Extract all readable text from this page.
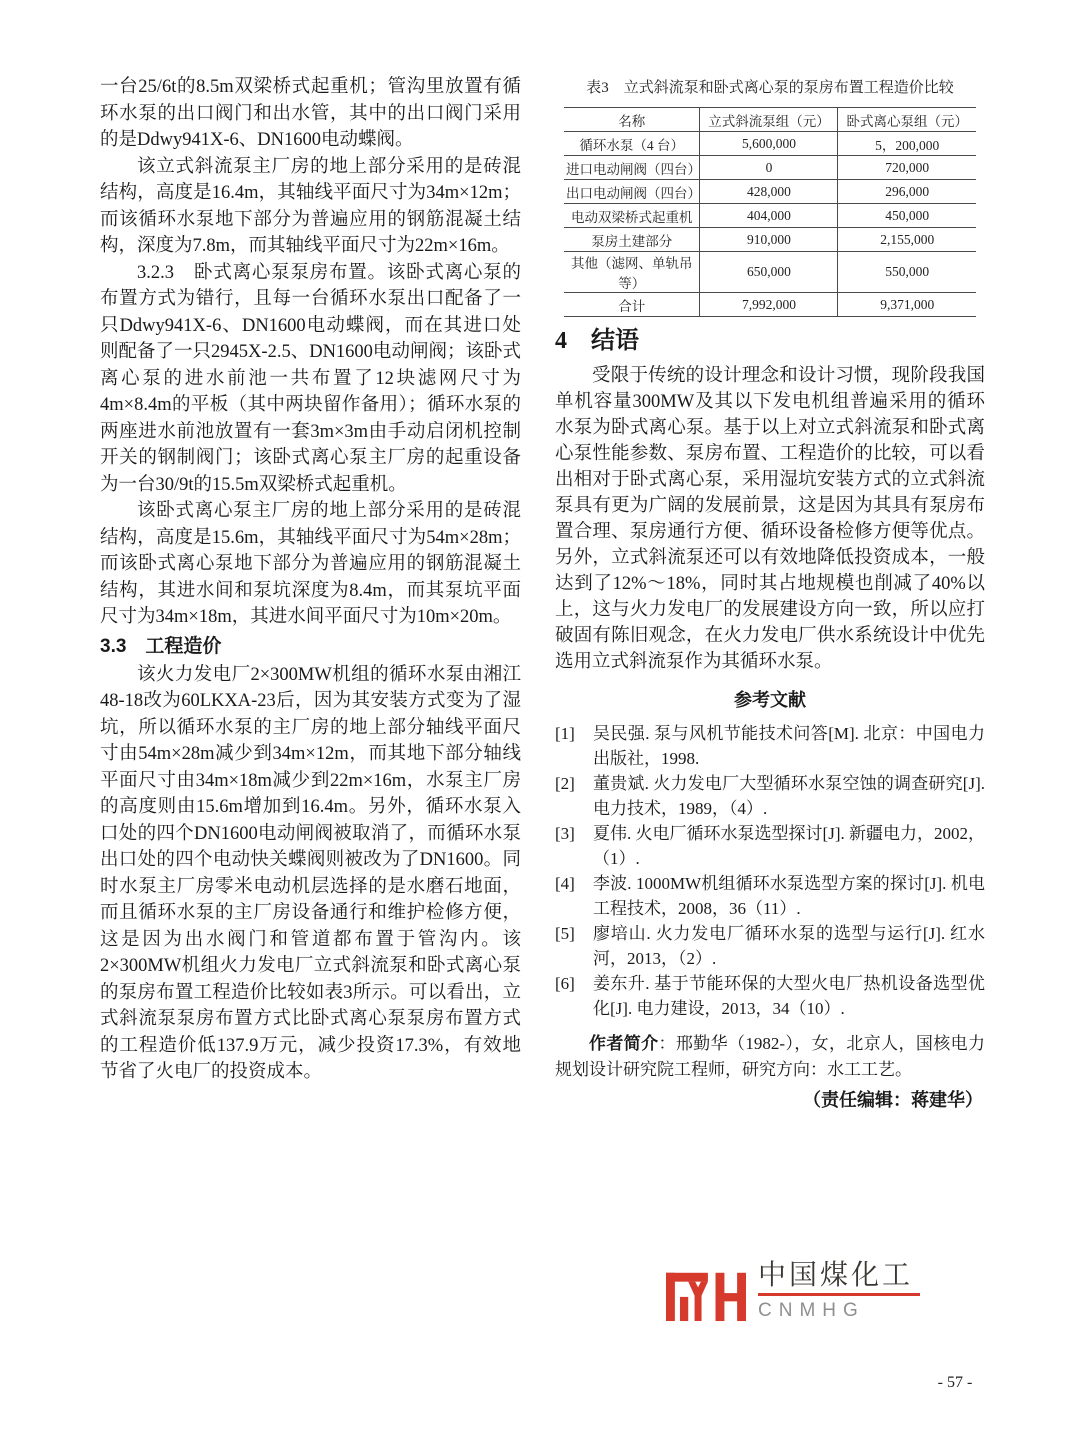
一台25/6t的8.5m双梁桥式起重机；管沟里放置有循环水泵的出口阀门和出水管，其中的出口阀门采用的是Ddwy941X-6、DN1600电动蝶阀。

该立式斜流泵主厂房的地上部分采用的是砖混结构，高度是16.4m，其轴线平面尺寸为34m×12m；而该循环水泵地下部分为普遍应用的钢筋混凝土结构，深度为7.8m，而其轴线平面尺寸为22m×16m。

3.2.3　卧式离心泵泵房布置。该卧式离心泵的布置方式为错行，且每一台循环水泵出口配备了一只Ddwy941X-6、DN1600电动蝶阀，而在其进口处则配备了一只2945X-2.5、DN1600电动闸阀；该卧式离心泵的进水前池一共布置了12块滤网尺寸为4m×8.4m的平板（其中两块留作备用）；循环水泵的两座进水前池放置有一套3m×3m由手动启闭机控制开关的钢制阀门；该卧式离心泵主厂房的起重设备为一台30/9t的15.5m双梁桥式起重机。

该卧式离心泵主厂房的地上部分采用的是砖混结构，高度是15.6m，其轴线平面尺寸为54m×28m；而该卧式离心泵地下部分为普遍应用的钢筋混凝土结构，其进水间和泵坑深度为8.4m，而其泵坑平面尺寸为34m×18m，其进水间平面尺寸为10m×20m。

3.3　工程造价

该火力发电厂2×300MW机组的循环水泵由湘江48-18改为60LKXA-23后，因为其安装方式变为了湿坑，所以循环水泵的主厂房的地上部分轴线平面尺寸由54m×28m减少到34m×12m，而其地下部分轴线平面尺寸由34m×18m减少到22m×16m，水泵主厂房的高度则由15.6m增加到16.4m。另外，循环水泵入口处的四个DN1600电动闸阀被取消了，而循环水泵出口处的四个电动快关蝶阀则被改为了DN1600。同时水泵主厂房零米电动机层选择的是水磨石地面，而且循环水泵的主厂房设备通行和维护检修方便，这是因为出水阀门和管道都布置于管沟内。该2×300MW机组火力发电厂立式斜流泵和卧式离心泵的泵房布置工程造价比较如表3所示。可以看出，立式斜流泵泵房布置方式比卧式离心泵泵房布置方式的工程造价低137.9万元，减少投资17.3%，有效地节省了火电厂的投资成本。

表3　立式斜流泵和卧式离心泵的泵房布置工程造价比较
名称	立式斜流泵组（元）	卧式离心泵组（元）
循环水泵（4 台）	5,600,000	5，200,000
进口电动闸阀（四台）	0	720,000
出口电动闸阀（四台）	428,000	296,000
电动双梁桥式起重机	404,000	450,000
泵房土建部分	910,000	2,155,000
其他（滤网、单轨吊等）	650,000	550,000
合计	7,992,000	9,371,000
4　结语

受限于传统的设计理念和设计习惯，现阶段我国单机容量300MW及其以下发电机组普遍采用的循环水泵为卧式离心泵。基于以上对立式斜流泵和卧式离心泵性能参数、泵房布置、工程造价的比较，可以看出相对于卧式离心泵，采用湿坑安装方式的立式斜流泵具有更为广阔的发展前景，这是因为其具有泵房布置合理、泵房通行方便、循环设备检修方便等优点。另外，立式斜流泵还可以有效地降低投资成本，一般达到了12%～18%，同时其占地规模也削减了40%以上，这与火力发电厂的发展建设方向一致，所以应打破固有陈旧观念，在火力发电厂供水系统设计中优先选用立式斜流泵作为其循环水泵。

参考文献
[1]	吴民强. 泵与风机节能技术问答[M]. 北京：中国电力出版社，1998.
[2]	董贵斌. 火力发电厂大型循环水泵空蚀的调查研究[J]. 电力技术，1989，（4）.
[3]	夏伟. 火电厂循环水泵选型探讨[J]. 新疆电力，2002，（1）.
[4]	李波. 1000MW机组循环水泵选型方案的探讨[J]. 机电工程技术，2008，36（11）.
[5]	廖培山. 火力发电厂循环水泵的选型与运行[J]. 红水河，2013，（2）.
[6]	姜东升. 基于节能环保的大型火电厂热机设备选型优化[J]. 电力建设，2013，34（10）.

作者简介：邢勤华（1982-），女，北京人，国核电力规划设计研究院工程师，研究方向：水工工艺。

（责任编辑：蒋建华）

中国煤化工
CNMHG
- 57 -
